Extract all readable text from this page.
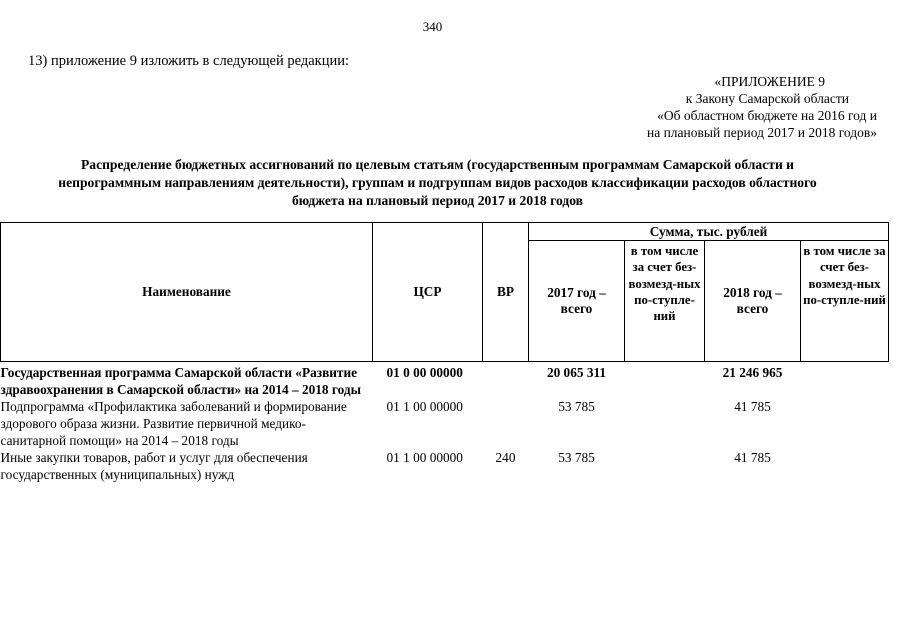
340
13) приложение 9 изложить в следующей редакции:
«ПРИЛОЖЕНИЕ 9
к Закону Самарской области
«Об областном бюджете на 2016 год и
на плановый период 2017 и 2018 годов»
Распределение бюджетных ассигнований по целевым статьям (государственным программам Самарской области и
непрограммным направлениям деятельности), группам и подгруппам видов расходов классификации расходов областного
бюджета на плановый период 2017 и 2018 годов
Наименование	ЦСР	ВР	Сумма, тыс. рублей			
			2017 год – всего	в том числе за счет без-возмезд-ных по-ступле-ний	2018 год – всего	в том числе за счет без-возмезд-ных по-ступле-ний

Государственная программа Самарской области «Развитие здравоохранения в Самарской области» на 2014 – 2018 годы	01 0 00 00000		20 065 311		21 246 965	
Подпрограмма «Профилактика заболеваний и формирование здорового образа жизни. Развитие первичной медико-санитарной помощи» на 2014 – 2018 годы	01 1 00 00000		53 785		41 785	
Иные закупки товаров, работ и услуг для обеспечения государственных (муниципальных) нужд	01 1 00 00000	240	53 785		41 785	
